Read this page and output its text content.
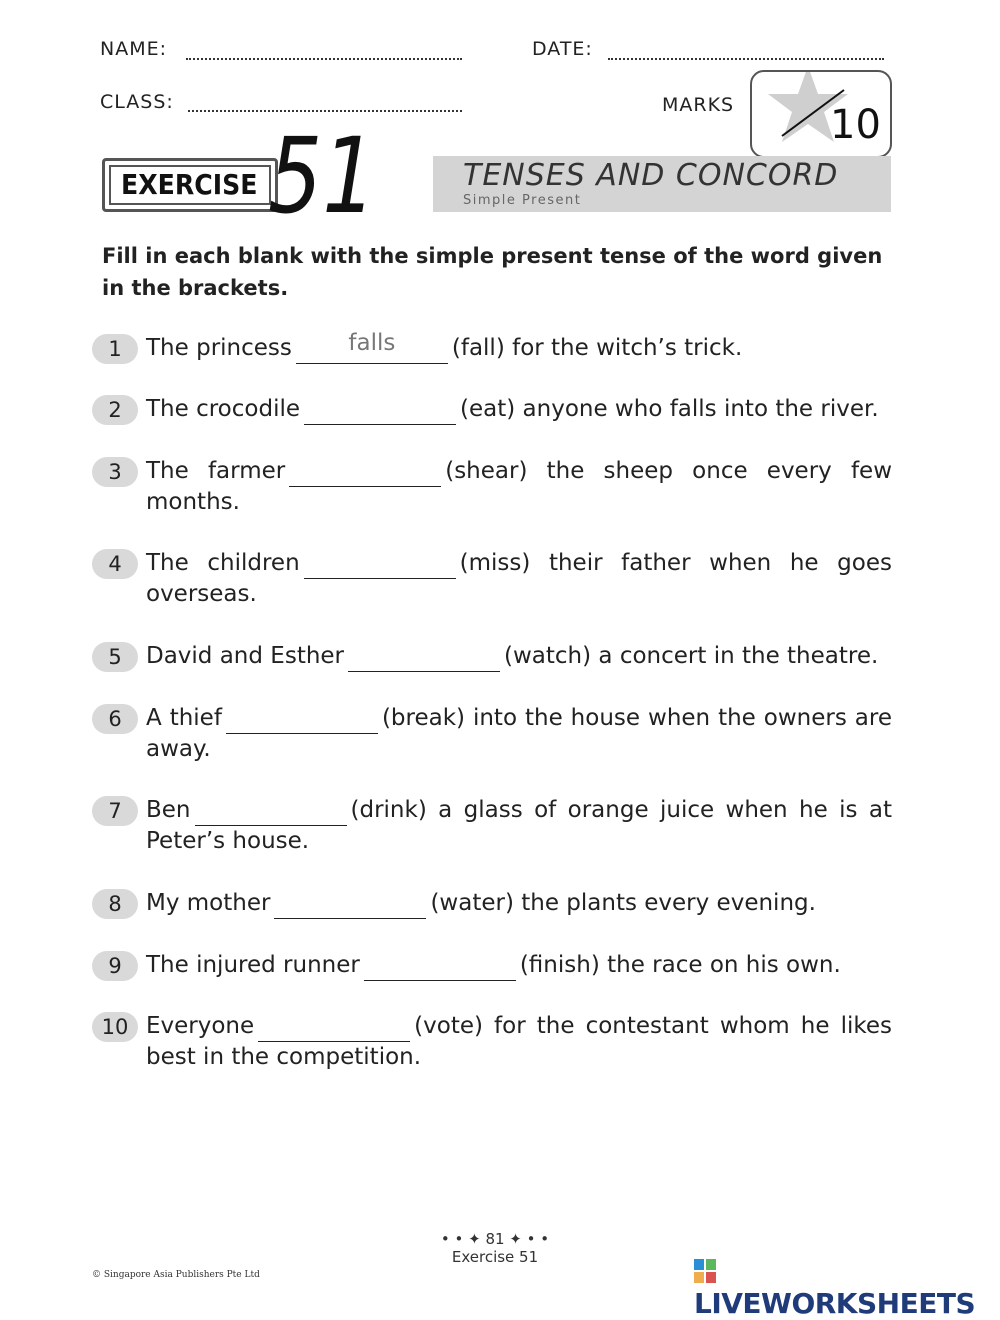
NAME:	DATE:
CLASS:	MARKS 10
EXERCISE 51	TENSES AND CONCORD
Simple Present
Fill in each blank with the simple present tense of the word given in the brackets.
1	The princess	falls	(fall) for the witch’s trick.
2	The crocodile	(eat) anyone who falls into the river.
3	The farmer	(shear) the sheep once every few months.
4	The children	(miss) their father when he goes overseas.
5	David and Esther	(watch) a concert in the theatre.
6	A thief	(break) into the house when the owners are away.
7	Ben	(drink) a glass of orange juice when he is at Peter’s house.
8	My mother	(water) the plants every evening.
9	The injured runner	(finish) the race on his own.
10 Everyone	(vote) for the contestant whom he likes best in the competition.
• • ✦ 81 ✦ • •
Exercise 51
© Singapore Asia Publishers Pte Ltd
LIVEWORKSHEETS
